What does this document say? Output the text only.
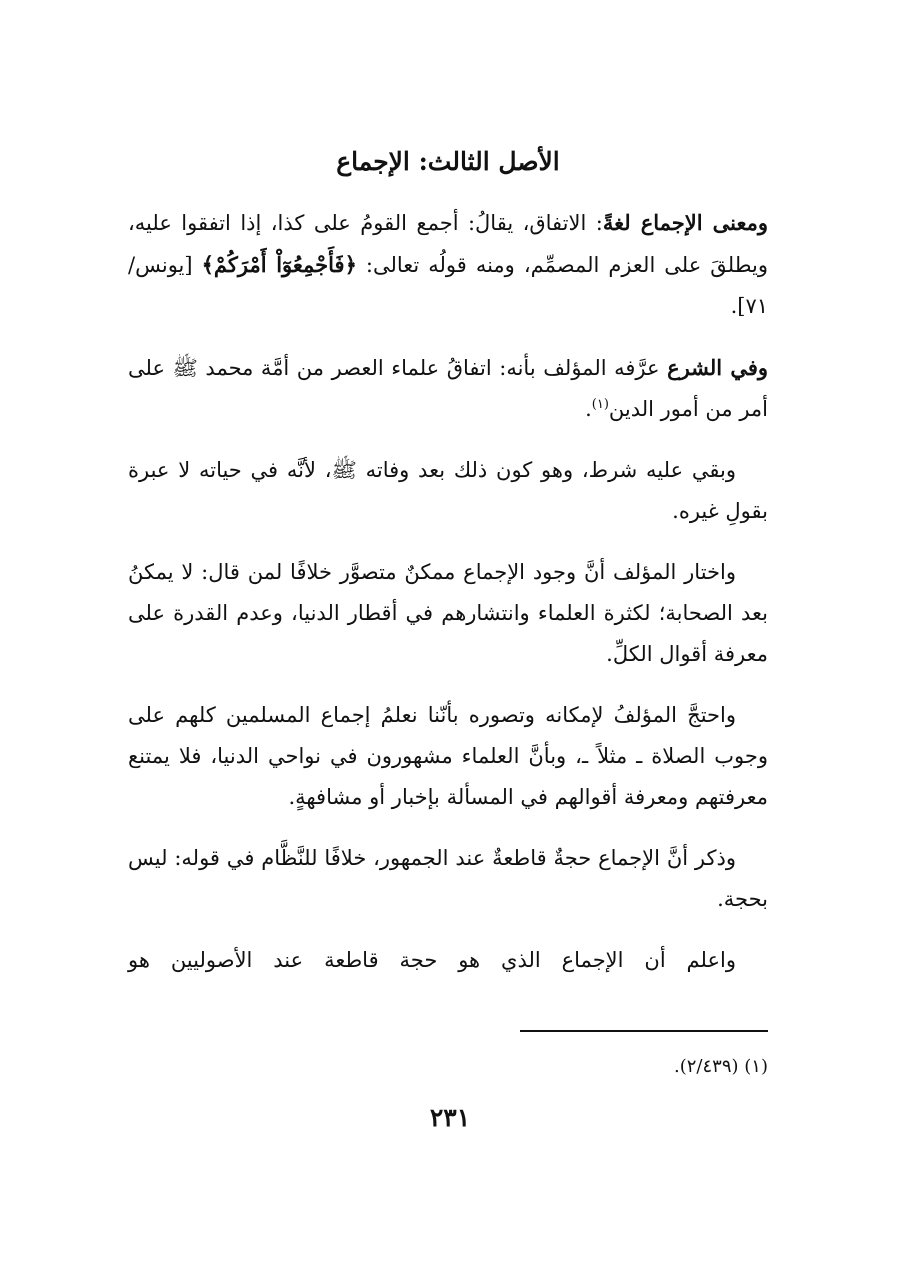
الأصل الثالث: الإجماع

ومعنى الإجماع لغةً: الاتفاق، يقالُ: أجمع القومُ على كذا، إذا اتفقوا عليه، ويطلقَ على العزم المصمِّم، ومنه قولُه تعالى: ﴿فَأَجْمِعُوٓاْ أَمْرَكُمْ﴾ [يونس/ ٧١].

وفي الشرع عرَّفه المؤلف بأنه: اتفاقُ علماء العصر من أمَّة محمد ﷺ على أمر من أمور الدين$^{(١)}$.

وبقي عليه شرط، وهو كون ذلك بعد وفاته ﷺ، لأنَّه في حياته لا عبرة بقولِ غيره.

واختار المؤلف أنَّ وجود الإجماع ممكنٌ متصوَّر خلافًا لمن قال: لا يمكنُ بعد الصحابة؛ لكثرة العلماء وانتشارهم في أقطار الدنيا، وعدم القدرة على معرفة أقوال الكلِّ.

واحتجَّ المؤلفُ لإمكانه وتصوره بأنّنا نعلمُ إجماع المسلمين كلهم على وجوب الصلاة ـ مثلاً ـ، وبأنَّ العلماء مشهورون في نواحي الدنيا، فلا يمتنع معرفتهم ومعرفة أقوالهم في المسألة بإخبار أو مشافهةٍ.

وذكر أنَّ الإجماع حجةٌ قاطعةٌ عند الجمهور، خلافًا للنَّظَّام في قوله: ليس بحجة.

واعلم أن الإجماع الذي هو حجة قاطعة عند الأصوليين هو

(١) (٢/٤٣٩).
٢٣١
